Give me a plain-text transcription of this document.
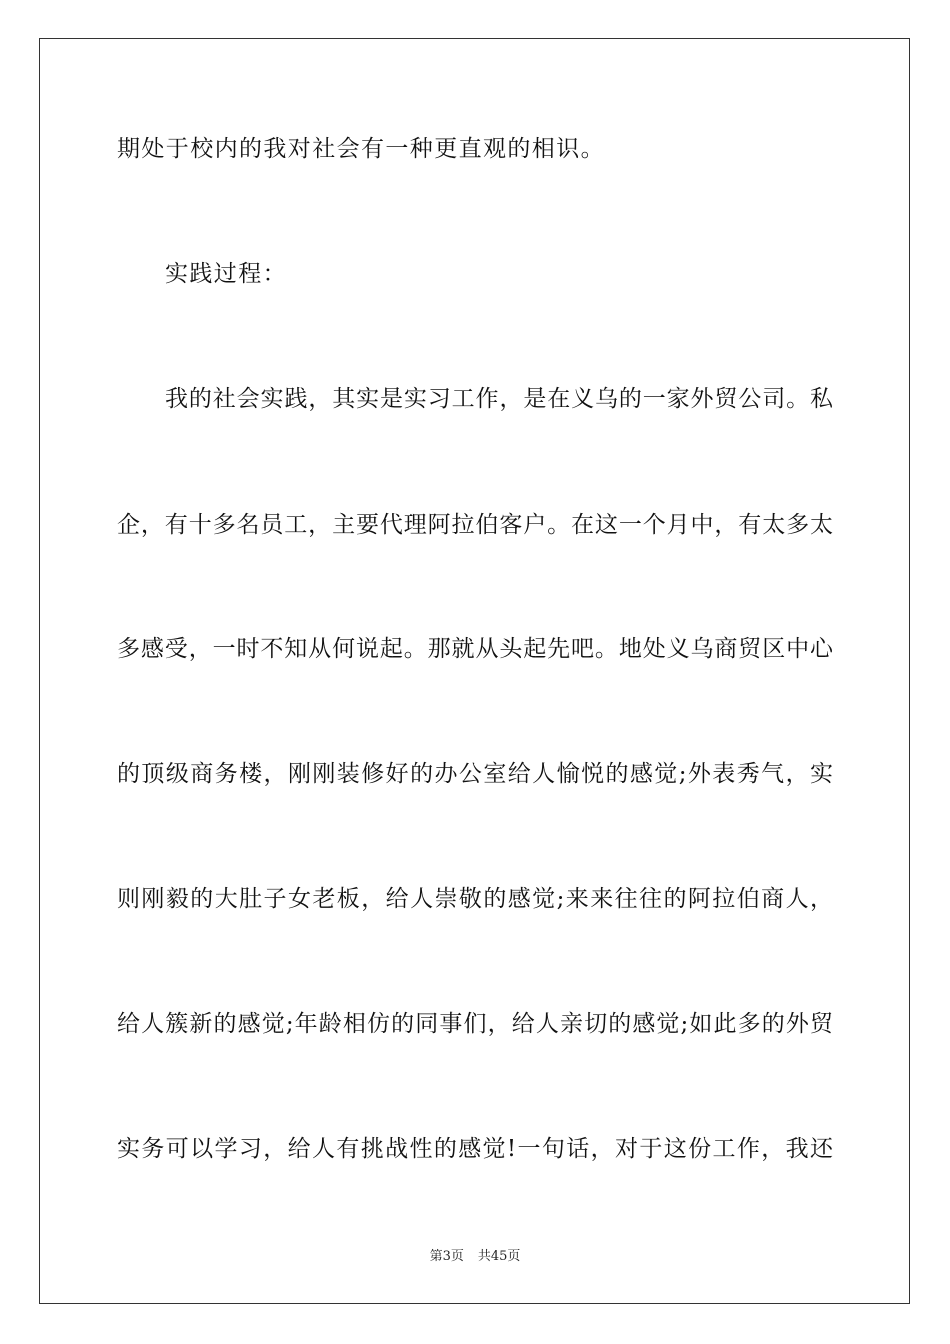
期处于校内的我对社会有一种更直观的相识。
实践过程：
我的社会实践，其实是实习工作，是在义乌的一家外贸公司。私
企，有十多名员工，主要代理阿拉伯客户。在这一个月中，有太多太
多感受，一时不知从何说起。那就从头起先吧。地处义乌商贸区中心
的顶级商务楼，刚刚装修好的办公室给人愉悦的感觉;外表秀气，实
则刚毅的大肚子女老板，给人崇敬的感觉;来来往往的阿拉伯商人，
给人簇新的感觉;年龄相仿的同事们，给人亲切的感觉;如此多的外贸
实务可以学习，给人有挑战性的感觉!一句话，对于这份工作，我还
第3页 共45页
